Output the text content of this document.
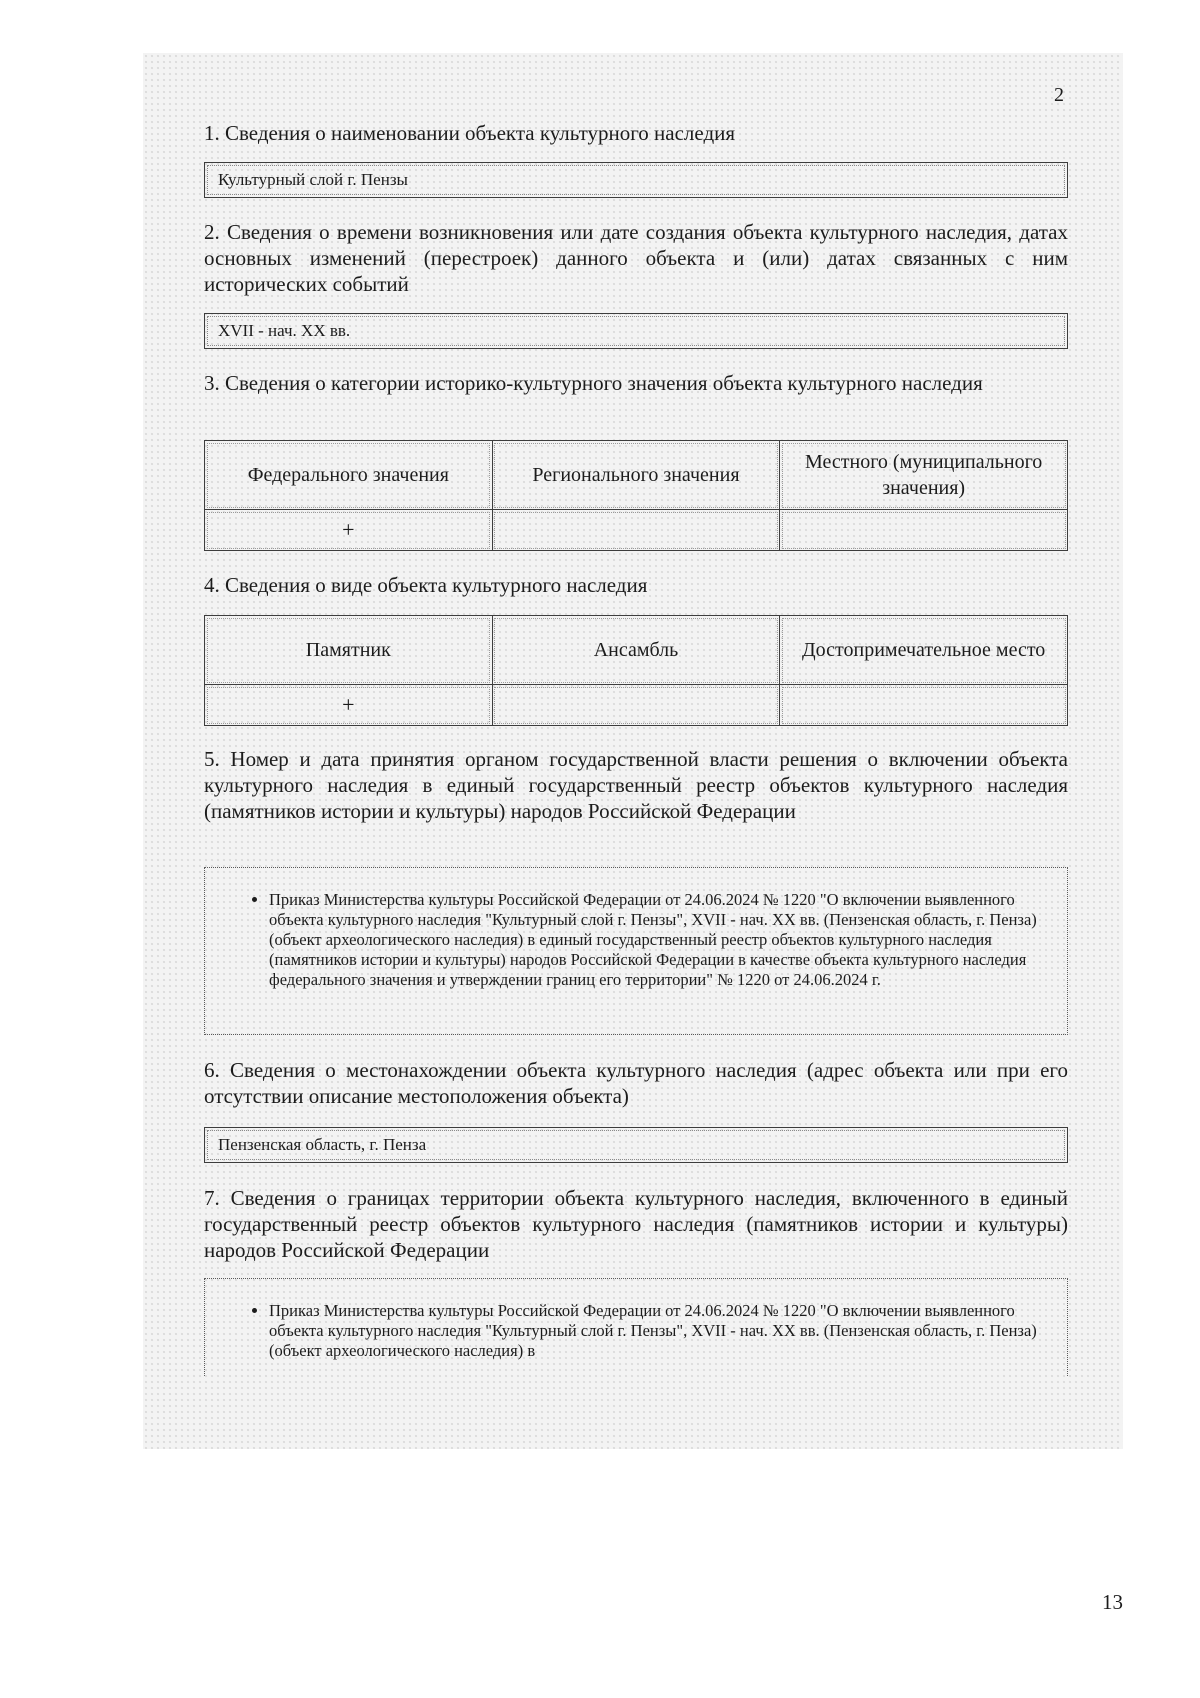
2

1. Сведения о наименовании объекта культурного наследия

Культурный слой г. Пензы

2. Сведения о времени возникновения или дате создания объекта культурного наследия, датах основных изменений (перестроек) данного объекта и (или) датах связанных с ним исторических событий

XVII - нач. XX вв.

3. Сведения о категории историко-культурного значения объекта культурного наследия

Федерального значения	Регионального значения	Местного (муниципального значения)
+		

4. Сведения о виде объекта культурного наследия

Памятник	Ансамбль	Достопримечательное место
+		

5. Номер и дата принятия органом государственной власти решения о включении объекта культурного наследия в единый государственный реестр объектов культурного наследия (памятников истории и культуры) народов Российской Федерации

• Приказ Министерства культуры Российской Федерации от 24.06.2024 № 1220 "О включении выявленного объекта культурного наследия "Культурный слой г. Пензы", XVII - нач. XX вв. (Пензенская область, г. Пенза) (объект археологического наследия) в единый государственный реестр объектов культурного наследия (памятников истории и культуры) народов Российской Федерации в качестве объекта культурного наследия федерального значения и утверждении границ его территории" № 1220 от 24.06.2024 г.

6. Сведения о местонахождении объекта культурного наследия (адрес объекта или при его отсутствии описание местоположения объекта)

Пензенская область, г. Пенза

7. Сведения о границах территории объекта культурного наследия, включенного в единый государственный реестр объектов культурного наследия (памятников истории и культуры) народов Российской Федерации

• Приказ Министерства культуры Российской Федерации от 24.06.2024 № 1220 "О включении выявленного объекта культурного наследия "Культурный слой г. Пензы", XVII - нач. XX вв. (Пензенская область, г. Пенза) (объект археологического наследия) в
13
